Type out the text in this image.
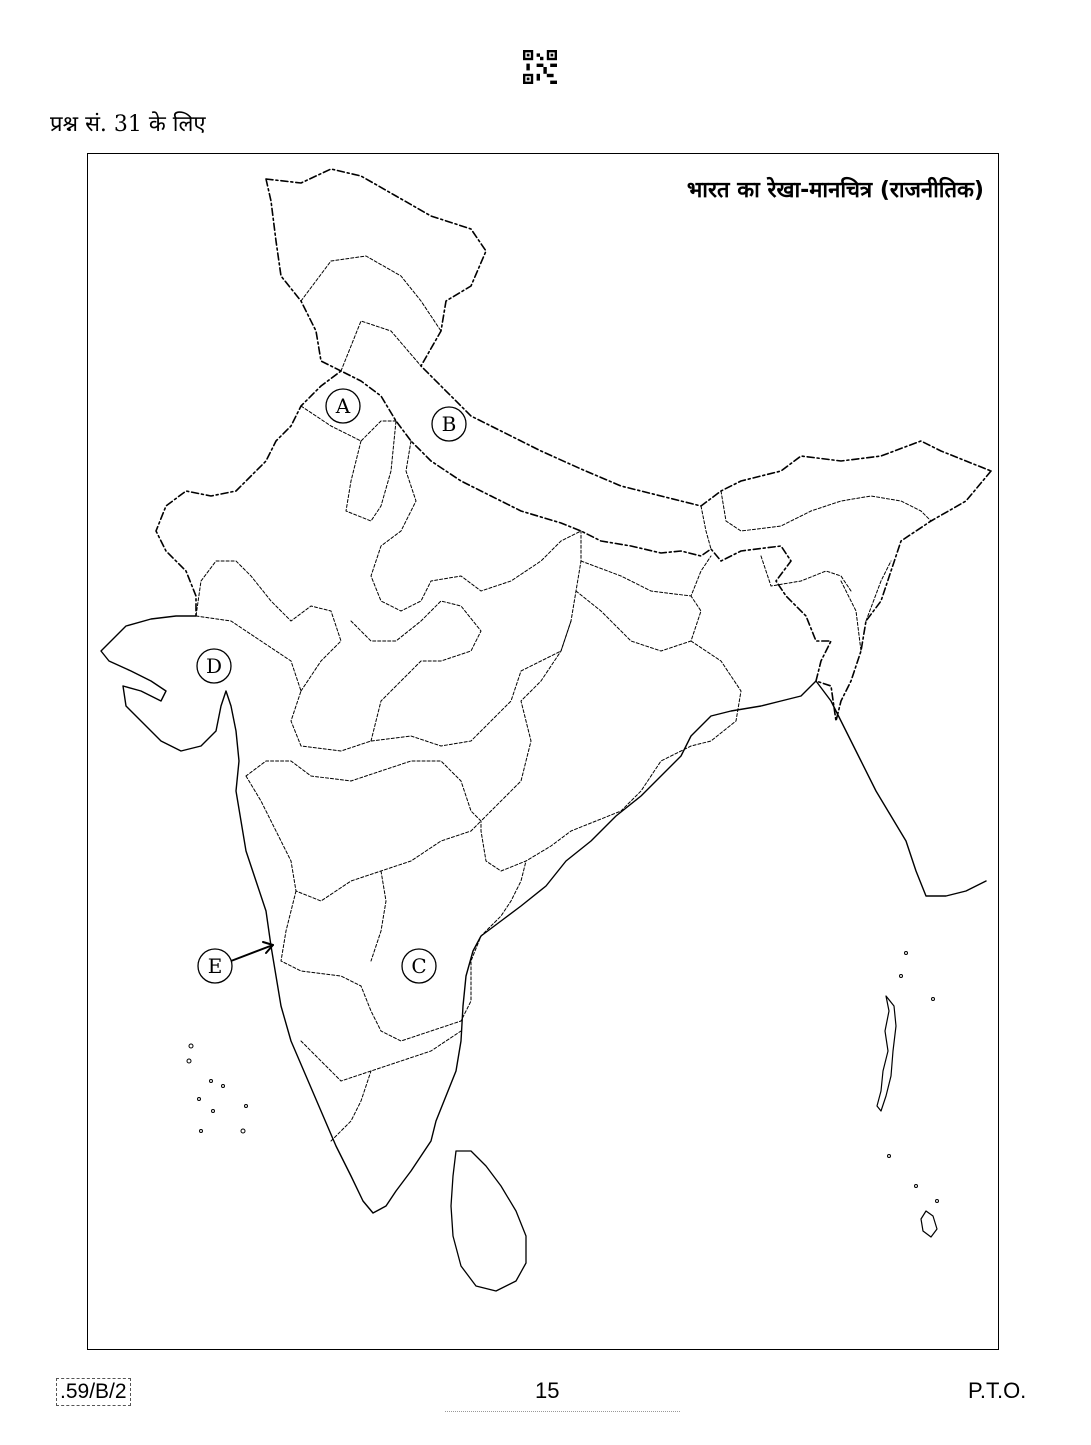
प्रश्न सं. 31 के लिए
A
B
C
D
E
भारत का रेखा-मानचित्र (राजनीतिक)
.59/B/2	15	P.T.O.
